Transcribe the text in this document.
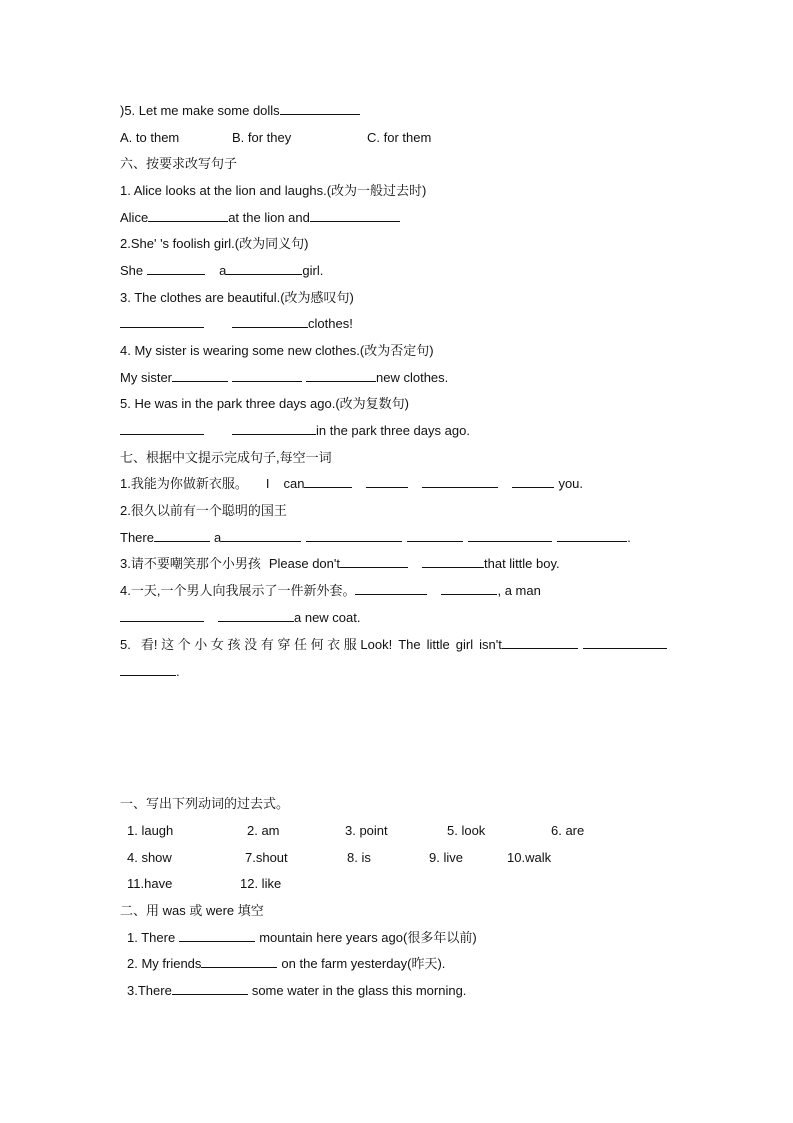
)5. Let me make some dolls
A. to them	B. for they	C. for them
六、按要求改写句子
1. Alice looks at the lion and laughs.(改为一般过去时)
Alice	at the lion and
2.She' 's foolish girl.(改为同义句)
She	a	girl.
3. The clothes are beautiful.(改为感叹句)
clothes!
4. My sister is wearing some new clothes.(改为否定句)
My sister	new clothes.
5. He was in the park three days ago.(改为复数句)
in the park three days ago.
七、根据中文提示完成句子,每空一词
1.我能为你做新衣服。 I can	you.
2.很久以前有一个聪明的国王
There	a	.
3.请不要嘲笑那个小男孩 Please don't	that little boy.
4.一天,一个男人向我展示了一件新外套。	, a man
a new coat.
5. 看! 这 个 小 女 孩 没 有 穿 任 何 衣 服 Look! The little girl isn't
.
一、写出下列动词的过去式。
1. laugh	2. am	3. point	5. look	6. are
4. show	7.shout	8. is	9. live	10.walk
11.have	12. like
二、用 was 或 were 填空
1. There	mountain here years ago(很多年以前)
2. My friends	on the farm yesterday(昨天).
3.There	some water in the glass this morning.
